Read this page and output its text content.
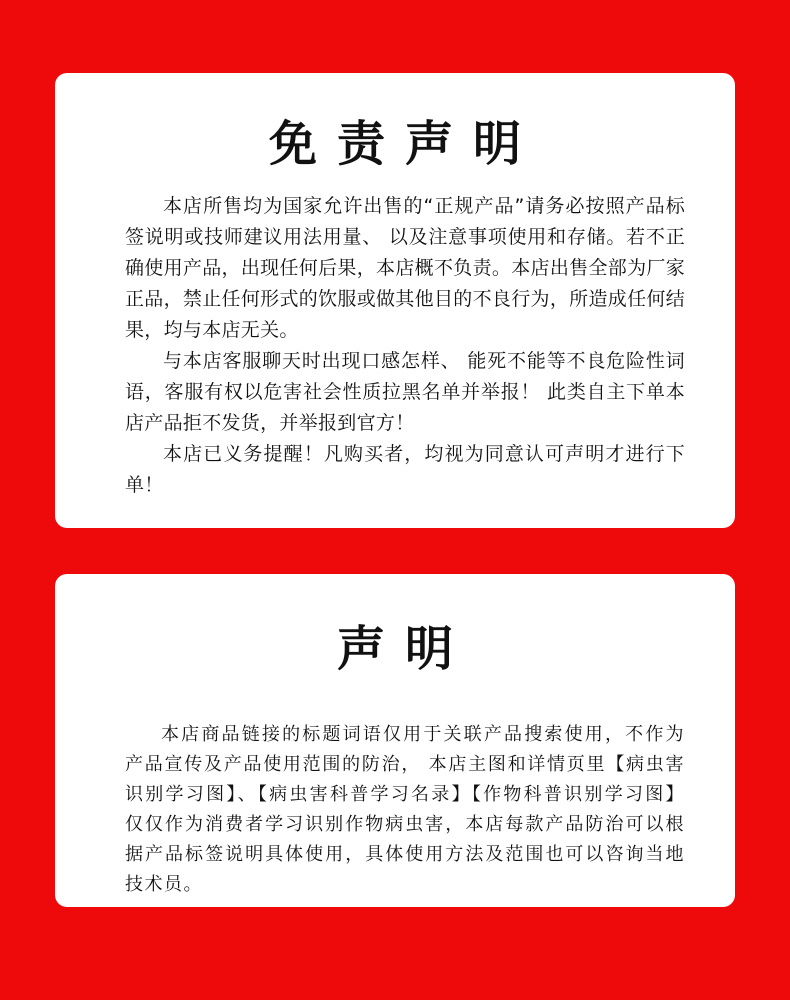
免责声明

本店所售均为国家允许出售的“正规产品”请务必按照产品标签说明或技师建议用法用量、 以及注意事项使用和存储。若不正确使用产品，出现任何后果，本店概不负责。本店出售全部为厂家正品，禁止任何形式的饮服或做其他目的不良行为，所造成任何结果，均与本店无关。

与本店客服聊天时出现口感怎样、 能死不能等不良危险性词语，客服有权以危害社会性质拉黑名单并举报！ 此类自主下单本店产品拒不发货，并举报到官方！

本店已义务提醒！凡购买者，均视为同意认可声明才进行下单！

声明

本店商品链接的标题词语仅用于关联产品搜索使用，不作为产品宣传及产品使用范围的防治， 本店主图和详情页里【病虫害识别学习图】、【病虫害科普学习名录】【作物科普识别学习图】 仅仅作为消费者学习识别作物病虫害，本店每款产品防治可以根据产品标签说明具体使用，具体使用方法及范围也可以咨询当地技术员。
